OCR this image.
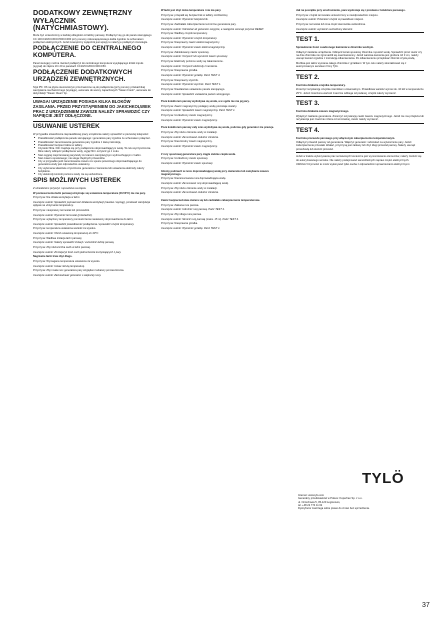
DODATKOWY ZEWNĘTRZNY WYŁĄCZNIK (NATYCHMIASTOWY).

Może być umieszczony w każdej odległości od tablicy parowej. Podłączyć się go do panelu sterującego CC 10/CC20/CC30/CC50/CC300 przy pomocy niskonapięciowego kabla zgodnie ze schematem podłączeń elektrycznych. Jeżeli zewnętrzny wyłącznik jest wpięty to należy je podłączyć równolegle.

PODŁĄCZENIE DO CENTRALNEGO KOMPUTERA.

Panel sterujący można również podłączyć do centralnego komputera wysyłającego krótki impuls (sygnał) do złącza 19 i 20 w panelach CC10/CC20/CC30/CC50.

PODŁĄCZENIE DODATKOWYCH URZĄDZEŃ ZEWNĘTRZNYCH.

Styk P5 i O6 na płytce sterowniczym przeznaczone są do podłączenia (przy pomocy przekaźnika) wentylatora mechanicznego (wyciągu), automatu do wanny zapachowych "Steam Fresh", automatu do dezynfekcji "Steam Clean" itp.

UWAGA! URZĄDZENIE POSIADA KILKA BLOKÓW ZASILANIA. PRZED PRZYSTĄPIENIEM DO JAKICHKOLWIEK PRAC Z URZĄDZENIEM ZAWSZE NALEŻY SPRAWDZIĆ CZY NAPIĘCIE JEST ODŁĄCZONE.
USUWANIE USTEREK

W przypadku stwierdzenia nieprawidłowej pracy urządzenia należy sprawdzić w pierwszej kolejności:

■ Prawidłowość podłączenia panelu sterującego i generatora pary zgodnie ze schematem połączeń.
■ Prawidłowość zamontowania generatora pary zgodnie z daną instrukcją.
■ Prawidłowość bezpieczników w tablicy.
■ Czystość filtra. Filtr znajduje się przy podłączeniu doprowadzającym wodę. W celu wyczyszczenia filtra należy odkręcić podłączenie wody, wyjąć filtr i oczyścić go z mułu.
■ Stan wyjętej nieprzerwanej pary/wody ze kranem wentylacyjnym wydmuchującym z kabin.
■ Stan zaworu spustowego; nie ulega zbędnych przewodów.
■ Czy w przypadku jeśli zamontowanie zaworu ze spustu powrotnego doprowadzającego do generatora wody jest odpowiednio ustawiony.
■ Czy wykonana właściwie czyszczenie generatora z kamienia lub ustawienia elektrody należy bezpłatnie.
■ Czy elektrody kontroli poziomu wody nie są uszkodzone.
SPIS MOŻLIWYCH USTEREK

Z określeniem przyczyn i sposobów usunięcia.

W pomieszczeniu łaźni parowej utrzymuje się ustawiona temperatura (40-50°C) nie ma pary.

Przyczyna: Nie działa wentylacja w łaźni.

Usunięcie usterki: Sprawdzić poprawność działania wentylacji (nawiew i wyciąg), ponieważ wentylacja wpływa na utrzymanie temperatury.

Przyczyna: niesprawny termostat lub przewodnik.

Usunięcie usterki: Wymienić termostat (przekaźnik).

Przyczyna: wyłączony temperatury pomieszczenia nastawiony doprowadzenia do łaźni.

Usunięcie usterki: Sprawdzić prawidłowość podłączenia i sprawdzić czujnik temperatury.

Przyczyna: temperatura ustawiona wartość za wysoko.

Usunięcie usterki: Obniż ustawioną temperaturę do 40°C.

Przyczyna: Wadliwa izolacja łaźni parowej.

Usunięcie usterki: Należy sprawdzić izolacji i uszczelnić łaźnię parową.

Przyczyna: Zbyt duża liczba osób w łaźni parowej.

Usunięcie usterki: Zmniejszyć ilość osób jednocześnie korzystających z pary.

Nagrzanie łaźni trwa zbyt długo.

Przyczyna: Wymagana temperatura ustawiona za wysoko.

Usunięcie usterki: Ustaw niższą temperaturę.

Przyczyna: Zbyt mała moc generatora pary względem kubatury pomieszczenia.

Usunięcie usterki: Zainstalować generator o większej mocy.

W łaźni jest zbyt niska temperatura i nie ma pary.

Przyczyna: przepalił się bezpiecznik w tablicy rozdzielczej.

Usunięcie usterki: Wymienić bezpiecznik.

Przyczyna: Zadziałało zabezpieczenie termiczne generatora pary.

Usunięcie usterki: Odczekać aż generator ostygnie, a następnie wcisnąć przycisk RESET.

Przyczyna: Wadliwy czujnik temperatury.

Usunięcie usterki: Wymienić czujnik temperatury.

Przyczyna: Niesprawny zawór elektromagnetyczny.

Usunięcie usterki: Wymienić zawór elektromagnetyczny.

Przyczyna: Zablokowany zawór spustowy.

Usunięcie usterki: Oczyścić lub wymienić zawór spustowy.

Przyczyna: Elektrody poziomu wody są zakamienione.

Usunięcie usterki: Oczyścić elektrody z kamienia.

Przyczyna: Niesprawna grzałka.

Usunięcie usterki: Wymienić grzałkę. Patrz TEST 4.

Przyczyna: Niesprawny stycznik.

Usunięcie usterki: Wymienić stycznik. Patrz TEST 1.

Przyczyna: Niewłaściwe ustawienie panelu sterującego.

Usunięcie usterki: Sprawdzić ustawienia panelu sterującego.

Poza kolektorem parowy wydobywa się woda, a w ogóle nie ma jej pary.

Przyczyna: Zawór magnetyczny podający wodę pozostaje otwarty.

Usunięcie usterki: Sprawdzić zawór magnetyczny. Patrz TEST 1.

Przyczyna: Uszkodzony zawór magnetyczny.

Usunięcie usterki: Wymienić zawór magnetyczny.

Poza kolektorem parowy cały czas wydobywa się woda, podczas gdy generator nie pracuje.

Przyczyna: Zbyt duże ciśnienie wody w instalacji.

Usunięcie usterki: Zamontować reduktor ciśnienia.

Przyczyna: Nieszczelny zawór magnetyczny.

Usunięcie usterki: Wymienić zawór magnetyczny.

Z rury spustowej generatora pary ciągle cieknie ciepła woda.

Przyczyna: Uszkodzony zawór spustowy.

Usunięcie usterki: Wymienić zawór spustowy.

Głośny podmuch w rurze doprowadzającej wodę przy otwieraniu lub zamykaniu zaworu magnetycznego.

Przyczyna: Niezamocowana rura doprowadzająca wodę.

Usunięcie usterki: Zamocować rurę doprowadzającą wodę.

Przyczyna: Zbyt duże ciśnienie wody w instalacji.

Usunięcie usterki: Zamontować reduktor ciśnienia.

Zawór bezpieczeństwa otwiera się lub zadziałało zabezpieczenie temperaturowe.

Przyczyna: Zatkana rura parowa.

Usunięcie usterki: Udrożnić rurę parową. Patrz TEST 4.

Przyczyna: Zbyt długa rura parowa.

Usunięcie usterki: Skrócić rurę parową (maks. 15 m). Patrz TEST 4.

Przyczyna: Niesprawna grzałka.

Usunięcie usterki: Wymienić grzałkę. Patrz TEST 1.

Jak na początku przy uruchomieniu, para wydostaje się i przelewa z kolektora parowego.

Przyczyna: czujnik termostatu umieszczony w nieodpowiednim miejscu.

Usunięcie usterki: Przenieść czujnik w prawidłowe miejsce.

Przyczyna: termostat lub inna część sterownika uszkodzona.

Usunięcie usterki: wymienić uszkodzony element.

TEST 1.

Sprawdzenie ilości osadzonego kamienia w zbiorniku wodnym.

Odłączyć zasilanie urządzenia. Odkręcić korek spustowy zbiornika i spuścić wodę. Sprawdzić przez otwór czy na dnie zbiornika nie zgromadził się osad kamienny. Jeżeli warstwa kamienia jest grubsza niż 3 cm, należy usunąć kamień zgodnie z instrukcją odkamieniania. Po odkamienieniu przepłukać zbiornik czystą wodą.

Możliwa jest także wymiana całego zbiornika z grzałkami. W tym celu należy skontaktować się z autoryzowanym serwisem firmy Tylö.

TEST 2.

Kontrola działania czujnika temperatury.

Zmierzyć rezystancję czujnika miernikiem uniwersalnym. Prawidłowa wartość wynosi ok. 10 kΩ w temperaturze 25°C. Jeżeli zmierzona wartość znacznie odbiega od podanej, czujnik należy wymienić.

TEST 3.

Kontrola działania zaworu magnetycznego.

Wyłączyć zasilanie generatora. Zmierzyć rezystancję cewki zaworu magnetycznego. Jeżeli nie ma przejścia lub rezystancja jest znacznie niższa od nominalnej, zawór należy wymienić.

TEST 4.

Kontrola przewodu parowego przy włączonym zabezpieczeniu temperaturowym.

Odłączyć przewód parowy od generatora. Włączyć generator i odczekać na wytworzenie pary. Jeżeli zabezpieczenie przestało działać, przyczyną jest zatkany lub zbyt długi przewód parowy. Należy usunąć przeszkodę lub skrócić przewód.

Jeżeli w trakcie wykonywania prac serwisowych konieczne jest wymontowanie elementów, należy zwrócić się do autoryzowanego serwisu. Nie należy podejmować samodzielnych napraw części elektrycznych.

UWAGA! Czynności te może wykonywać tylko osoba z odpowiednimi uprawnieniami elektrycznymi.

TYLÖ

Internet: www.tylo.com

Generalny przedstawiciel w Polsce: Koperhan Sp. z o.o.

ul. Orzechowa 5, 05-120 Legionowo,

tel. +48 22 774 11 02

Dystrybutor zastrzega sobie prawo do zmian bez uprzedzenia.

37
